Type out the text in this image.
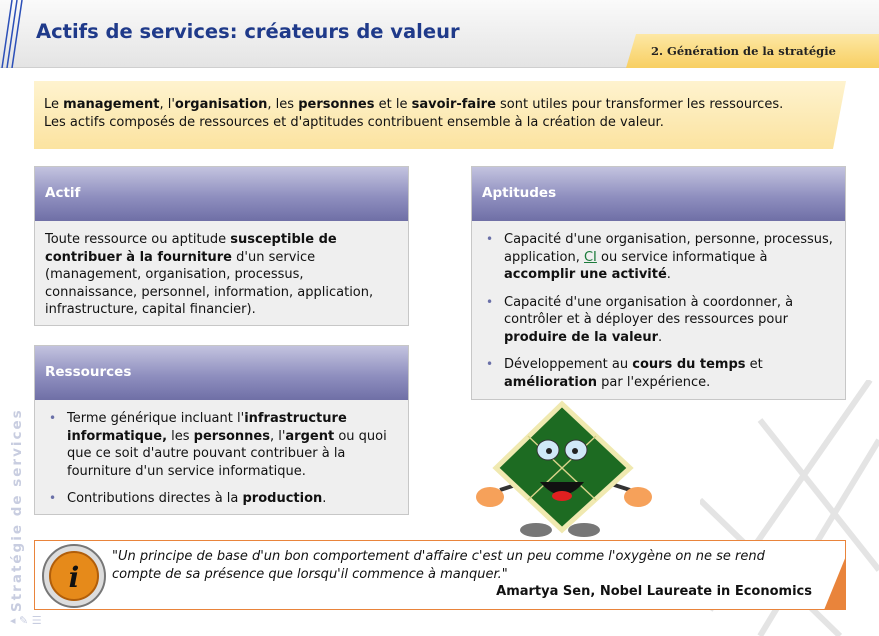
Actifs de services: créateurs de valeur
2. Génération de la stratégie
Le management, l'organisation, les personnes et le savoir-faire sont utiles pour transformer les ressources.
Les actifs composés de ressources et d'aptitudes contribuent ensemble à la création de valeur.
Actif
Toute ressource ou aptitude susceptible de contribuer à la fourniture d'un service (management, organisation, processus, connaissance, personnel, information, application, infrastructure, capital financier).
Ressources
• Terme générique incluant l'infrastructure informatique, les personnes, l'argent ou quoi que ce soit d'autre pouvant contribuer à la fourniture d'un service informatique.
• Contributions directes à la production.
Aptitudes
• Capacité d'une organisation, personne, processus, application, CI ou service informatique à accomplir une activité.
• Capacité d'une organisation à coordonner, à contrôler et à déployer des ressources pour produire de la valeur.
• Développement au cours du temps et amélioration par l'expérience.
i
"Un principe de base d'un bon comportement d'affaire c'est un peu comme l'oxygène on ne se rend compte de sa présence que lorsqu'il commence à manquer."
Amartya Sen, Nobel Laureate in Economics
Stratégie de services
◂ ✎ ☰
